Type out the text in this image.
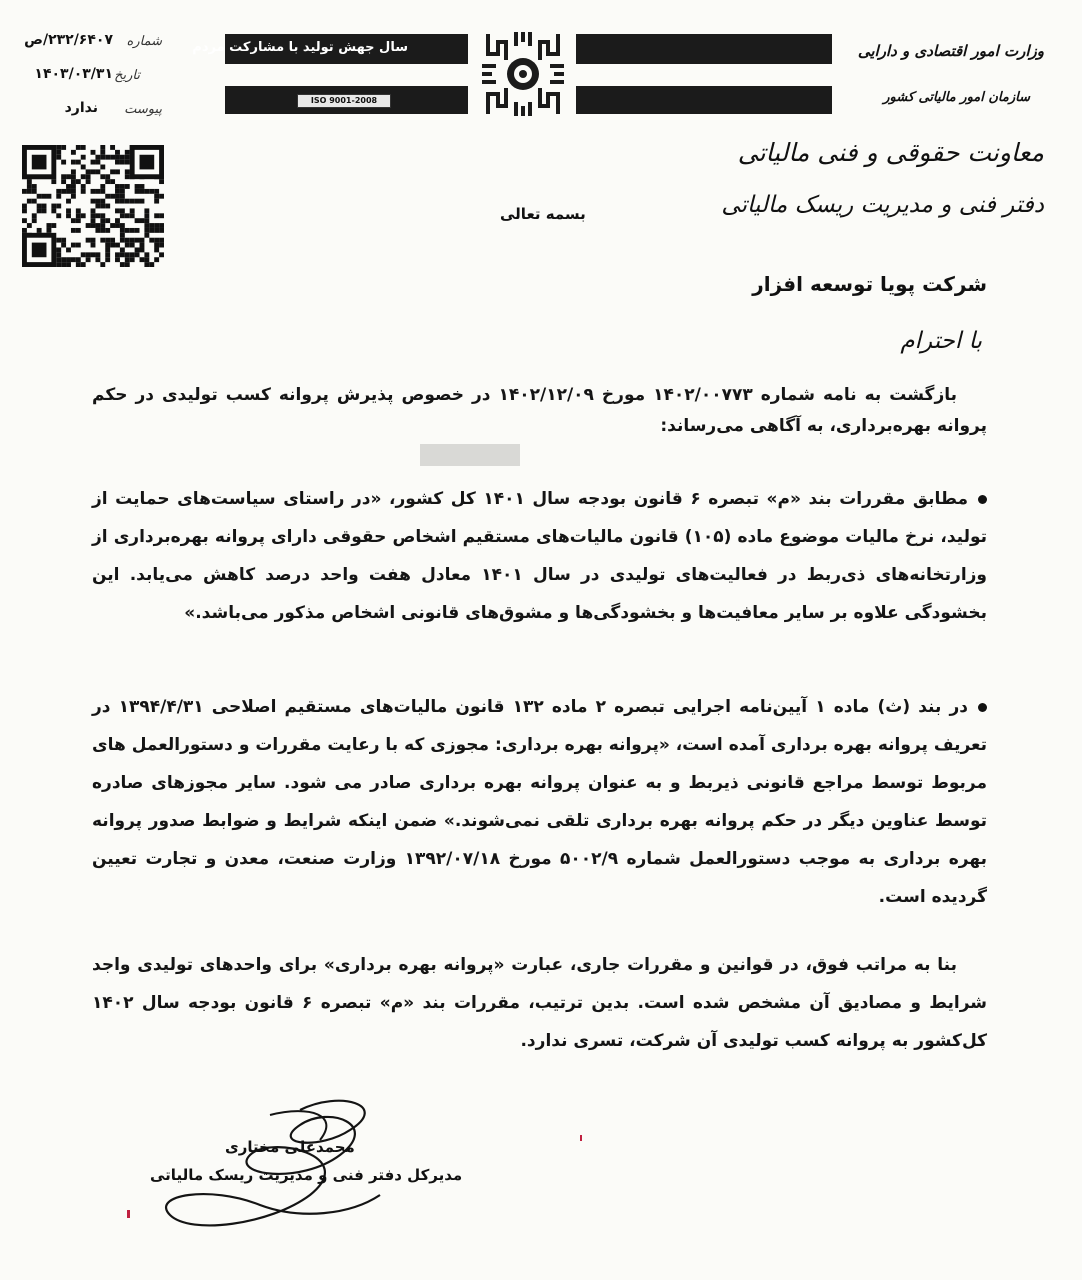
۲۳۲/۶۴۰۷/ص شماره
۱۴۰۳/۰۳/۳۱ تاریخ
ندارد پیوست
سال جهش تولید با مشارکت مردم
ISO 9001-2008
وزارت امور اقتصادی و دارایی
سازمان امور مالیاتی کشور
معاونت حقوقی و فنی مالیاتی
دفتر فنی و مدیریت ریسک مالیاتی
بسمه تعالی
شرکت پویا توسعه افزار
با احترام
بازگشت به نامه شماره ۱۴۰۲/۰۰۷۷۳ مورخ ۱۴۰۲/۱۲/۰۹ در خصوص پذیرش پروانه کسب تولیدی در حکم پروانه بهره‌برداری، به آگاهی می‌رساند:
مطابق مقررات بند «م» تبصره ۶ قانون بودجه سال ۱۴۰۱ کل کشور، «در راستای سیاست‌های حمایت از تولید، نرخ مالیات موضوع ماده (۱۰۵) قانون مالیات‌های مستقیم اشخاص حقوقی دارای پروانه بهره‌برداری از وزارتخانه‌های ذی‌ربط در فعالیت‌های تولیدی در سال ۱۴۰۱ معادل هفت واحد درصد کاهش می‌یابد. این بخشودگی علاوه بر سایر معافیت‌ها و بخشودگی‌ها و مشوق‌های قانونی اشخاص مذکور می‌باشد.»
در بند (ث) ماده ۱ آیین‌نامه اجرایی تبصره ۲ ماده ۱۳۲ قانون مالیات‌های مستقیم اصلاحی ۱۳۹۴/۴/۳۱ در تعریف پروانه بهره برداری آمده است، «پروانه بهره برداری: مجوزی که با رعایت مقررات و دستورالعمل های مربوط توسط مراجع قانونی ذیربط و به عنوان پروانه بهره برداری صادر می شود. سایر مجوزهای صادره توسط عناوین دیگر در حکم پروانه بهره برداری تلقی نمی‌شوند.» ضمن اینکه شرایط و ضوابط صدور پروانه بهره برداری به موجب دستورالعمل شماره ۵۰۰۲/۹ مورخ ۱۳۹۲/۰۷/۱۸ وزارت صنعت، معدن و تجارت تعیین گردیده است.
بنا به مراتب فوق، در قوانین و مقررات جاری، عبارت «پروانه بهره برداری» برای واحدهای تولیدی واجد شرایط و مصادیق آن مشخص شده است. بدین ترتیب، مقررات بند «م» تبصره ۶ قانون بودجه سال ۱۴۰۲ کل‌کشور به پروانه کسب تولیدی آن شرکت، تسری ندارد.
محمدعلی مختاری
مدیرکل دفتر فنی و مدیریت ریسک مالیاتی
